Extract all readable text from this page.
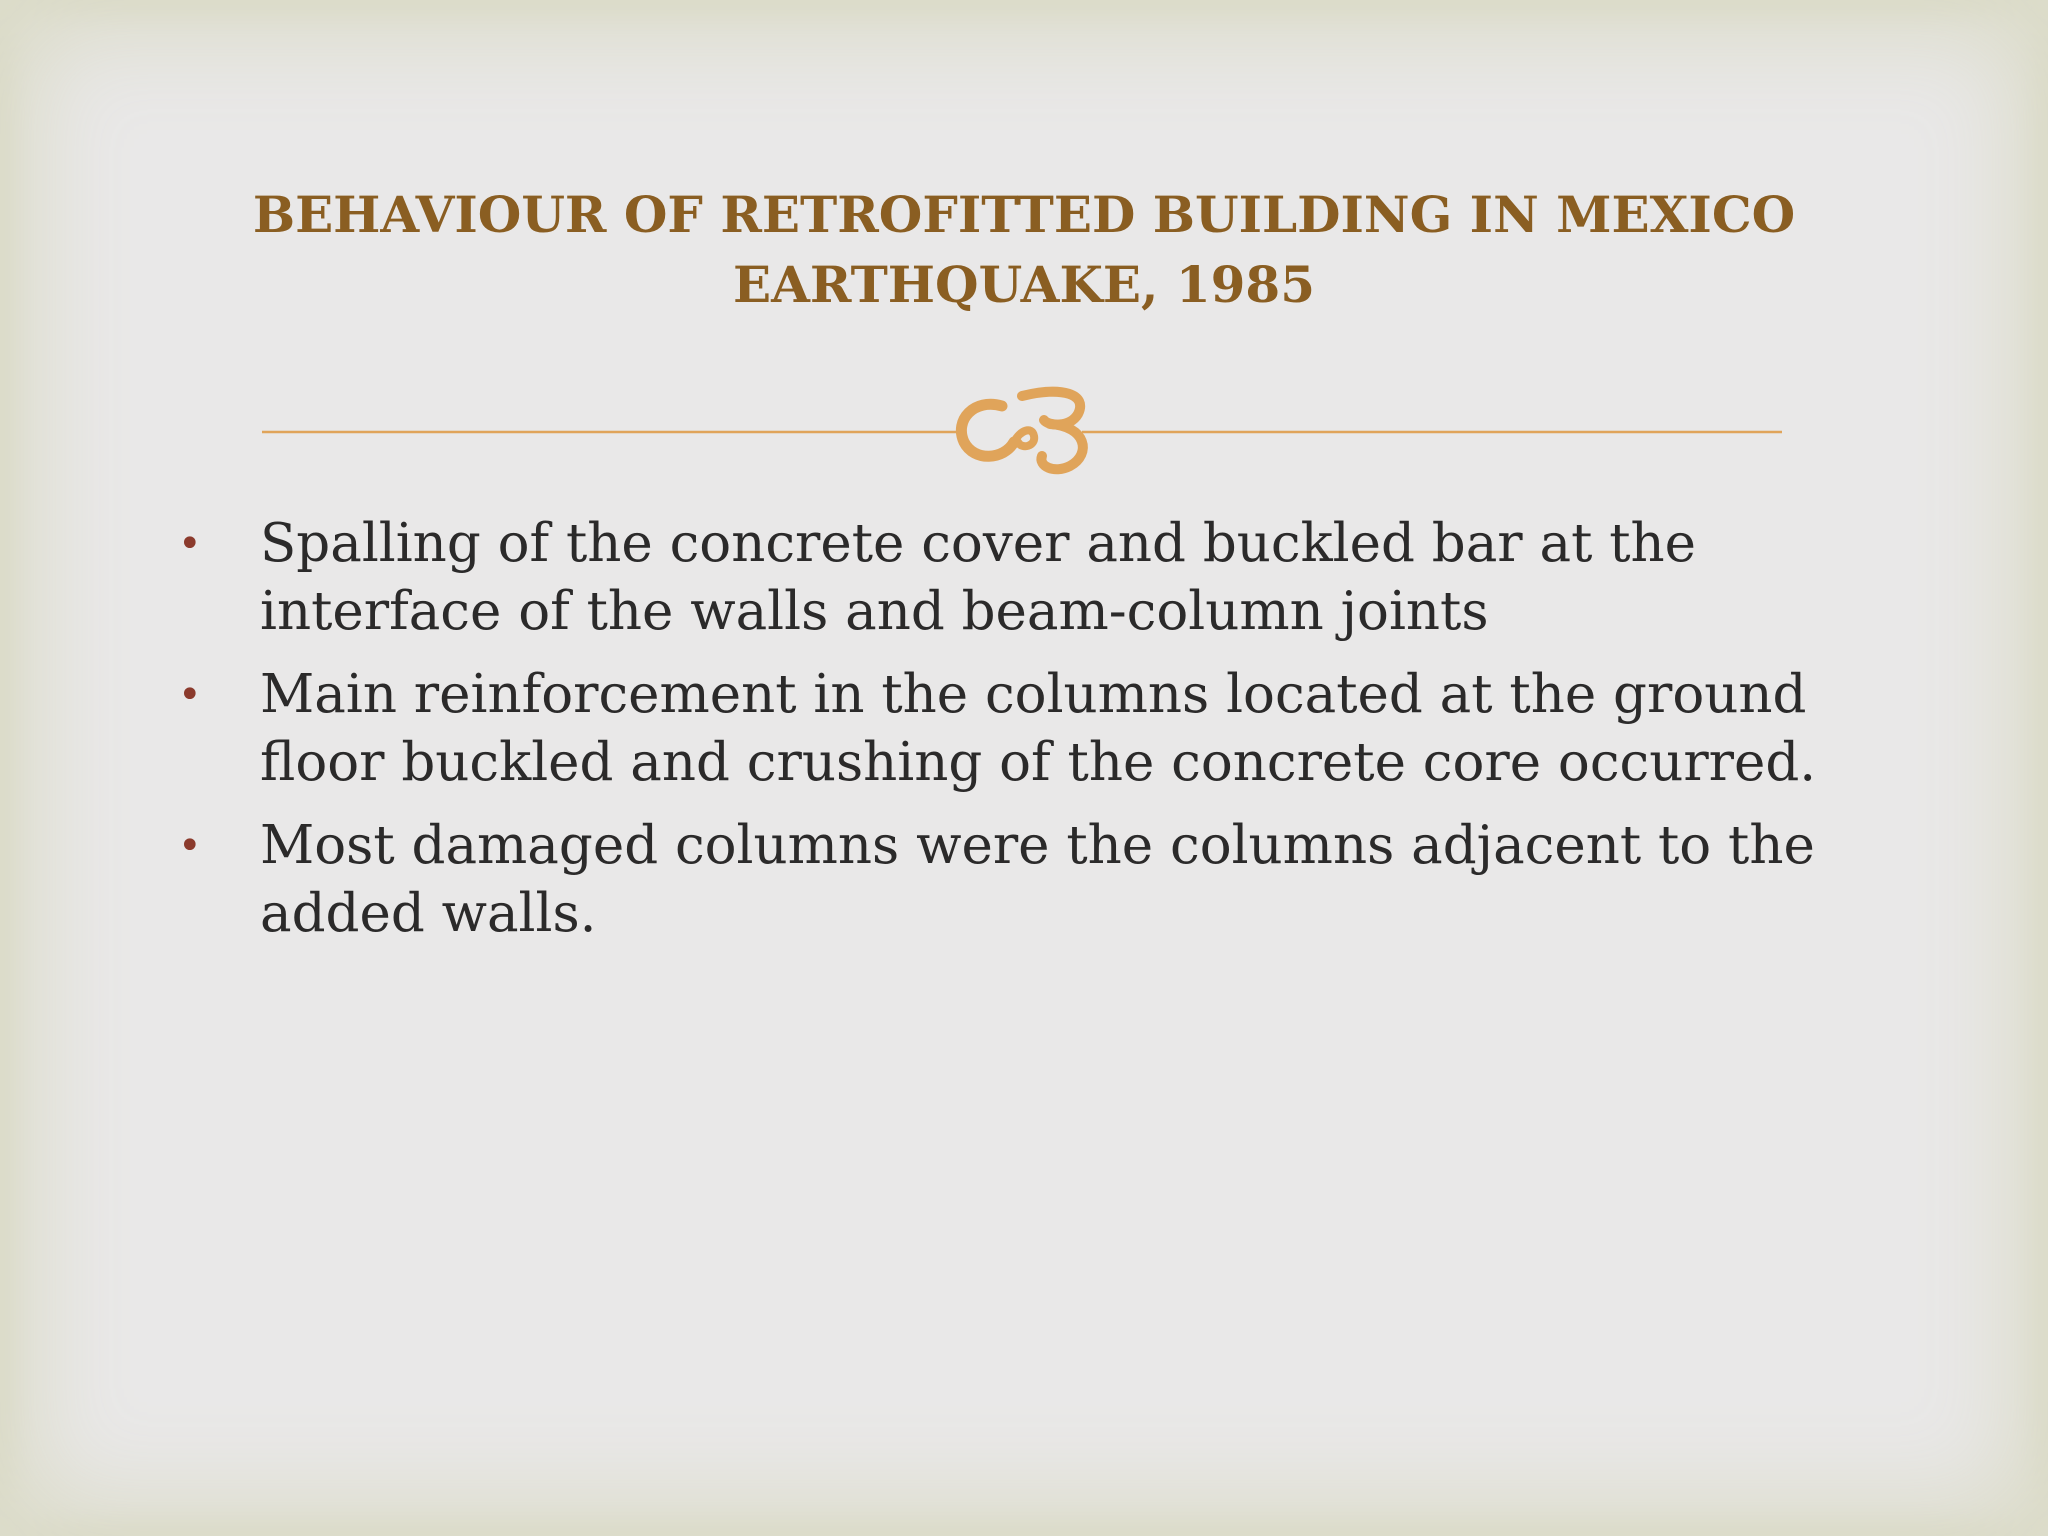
BEHAVIOUR OF RETROFITTED BUILDING IN MEXICO
EARTHQUAKE, 1985
• Spalling of the concrete cover and buckled bar at the interface of the walls and beam-column joints
• Main reinforcement in the columns located at the ground floor buckled and crushing of the concrete core occurred.
• Most damaged columns were the columns adjacent to the added walls.
